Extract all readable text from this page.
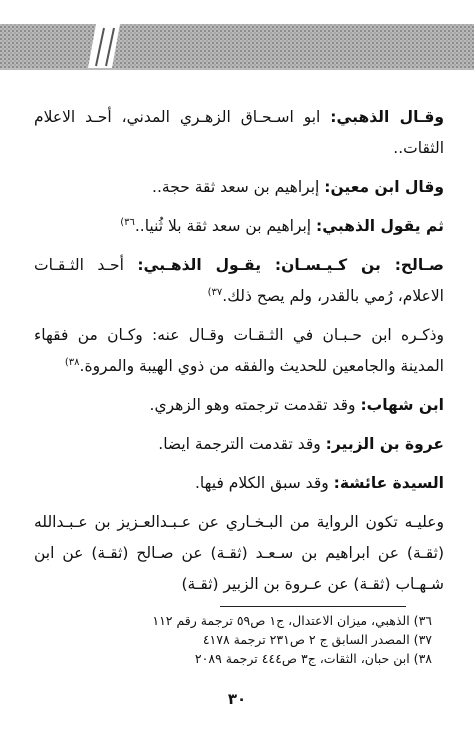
وقـال الذهبي: ابو اسـحـاق الزهـري المدني، أحـد الاعلام الثقات..

وقال ابن معين: إبراهيم بن سعد ثقة حجة..

ثم يقول الذهبي: إبراهيم بن سعد ثقة بلا ثُنيا..$^{(٣٦}$

صـالح: بن كـيـسـان: يقـول الذهـبي: أحـد الثـقـات الاعلام، رُمي بالقدر، ولم يصح ذلك.$^{(٣٧}$

وذكـره ابن حـبـان في الثـقـات وقـال عنه: وكـان من فقهاء المدينة والجامعين للحديث والفقه من ذوي الهيبة والمروة.$^{(٣٨}$

ابن شهاب: وقد تقدمت ترجمته وهو الزهري.

عروة بن الزبير: وقد تقدمت الترجمة ايضا.

السيدة عائشة: وقد سبق الكلام فيها.

وعليـه تكون الرواية من البـخـاري عن عـبـدالعـزيز بن عـبـدالله (ثقـة) عن ابراهيم بن سـعـد (ثقـة) عن صـالح (ثقـة) عن ابن شـهـاب (ثقـة) عن عـروة بن الزبير (ثقـة)

٣٦) الذهبي، ميزان الاعتدال، ج١ ص٥٩ ترجمة رقم ١١٢
٣٧) المصدر السابق ج ٢ ص٢٣١ ترجمة ٤١٧٨
٣٨) ابن حبان، الثقات، ج٣ ص٤٤٤ ترجمة ٢٠٨٩
٣٠
